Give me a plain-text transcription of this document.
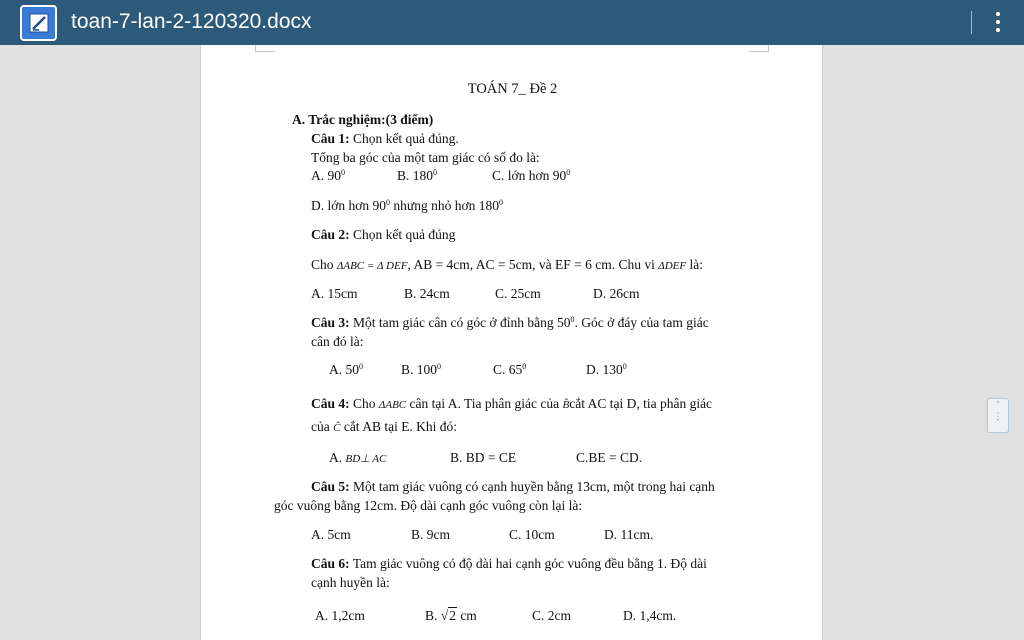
toan-7-lan-2-120320.docx
TOÁN 7_ Đề 2
A. Trắc nghiệm:(3 điểm)
Câu 1: Chọn kết quả đúng.
Tổng ba góc của một tam giác có số đo là:
A. $90^0$	B. $180^0$	C. lớn hơn $90^0$
D. lớn hơn $90^0$ nhưng nhỏ hơn $180^0$
Câu 2: Chọn kết quả đúng
Cho ΔABC = Δ DEF, AB = 4cm, AC = 5cm, và EF = 6 cm. Chu vi ΔDEF là:
A. 15cm	B. 24cm	C. 25cm	D. 26cm
Câu 3: Một tam giác cân có góc ở đỉnh bằng $50^0$. Góc ở đáy của tam giác
cân đó là:
A. $50^0$	B. $100^0$	C. $65^0$	D. $130^0$
Câu 4: Cho ΔABC cân tại A. Tia phân giác của B̂cắt AC tại D, tia phân giác
của Ĉ cắt AB tại E. Khi đó:
A. BD⊥ AC	B. BD = CE	C.BE = CD.
Câu 5: Một tam giác vuông có cạnh huyền bằng 13cm, một trong hai cạnh
góc vuông bằng 12cm. Độ dài cạnh góc vuông còn lại là:
A. 5cm	B. 9cm	C. 10cm	D. 11cm.
Câu 6: Tam giác vuông có độ dài hai cạnh góc vuông đều bằng 1. Độ dài
cạnh huyền là:
A. 1,2cm	B. √2 cm	C. 2cm	D. 1,4cm.
˄
:
˅
